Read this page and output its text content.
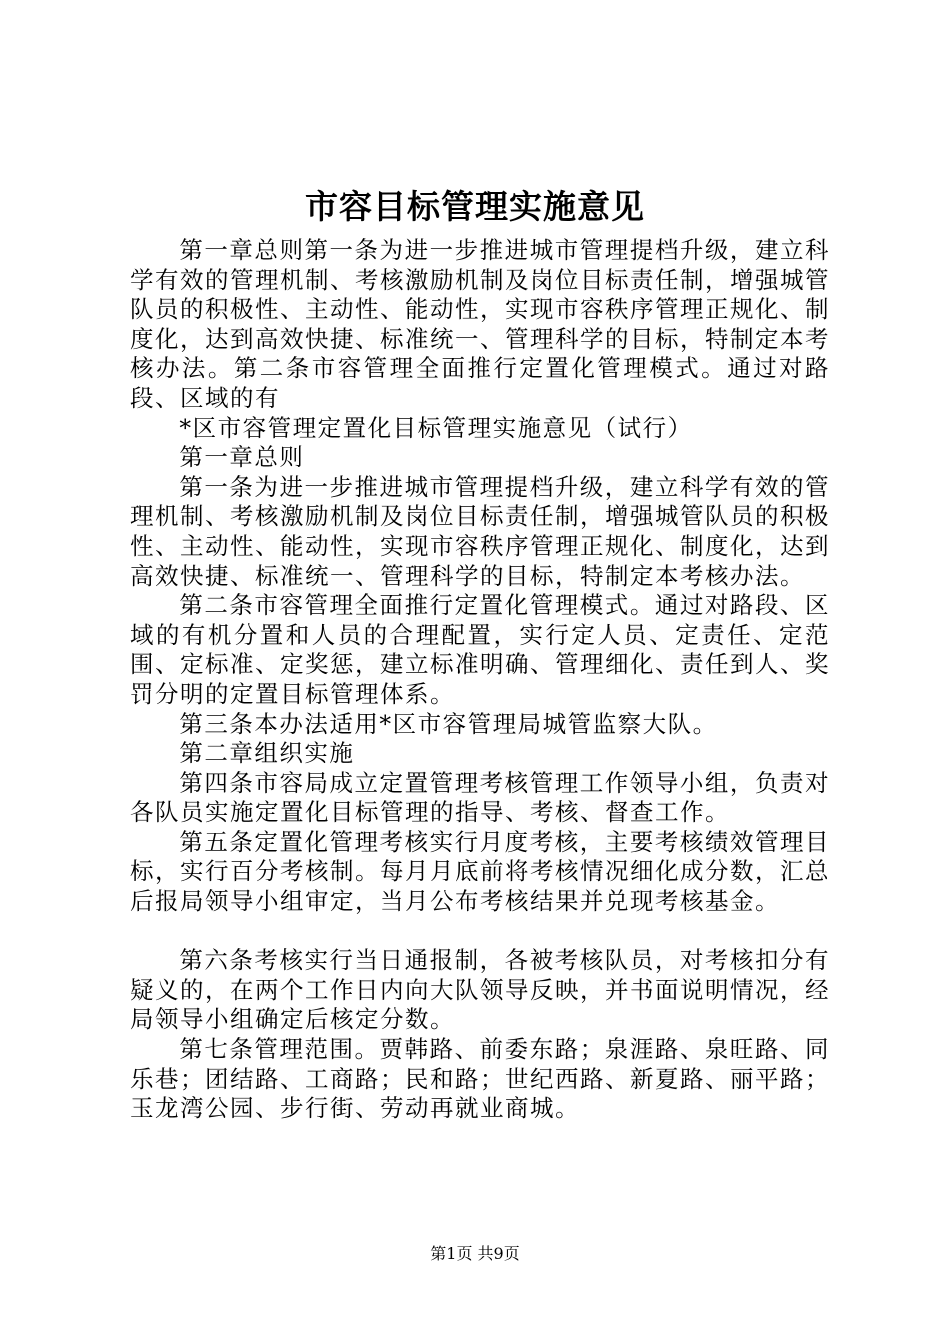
市容目标管理实施意见

第一章总则第一条为进一步推进城市管理提档升级，建立科学有效的管理机制、考核激励机制及岗位目标责任制，增强城管队员的积极性、主动性、能动性，实现市容秩序管理正规化、制度化，达到高效快捷、标准统一、管理科学的目标，特制定本考核办法。第二条市容管理全面推行定置化管理模式。通过对路段、区域的有

*区市容管理定置化目标管理实施意见（试行）

第一章总则

第一条为进一步推进城市管理提档升级，建立科学有效的管理机制、考核激励机制及岗位目标责任制，增强城管队员的积极性、主动性、能动性，实现市容秩序管理正规化、制度化，达到高效快捷、标准统一、管理科学的目标，特制定本考核办法。

第二条市容管理全面推行定置化管理模式。通过对路段、区域的有机分置和人员的合理配置，实行定人员、定责任、定范围、定标准、定奖惩，建立标准明确、管理细化、责任到人、奖罚分明的定置目标管理体系。

第三条本办法适用*区市容管理局城管监察大队。

第二章组织实施

第四条市容局成立定置管理考核管理工作领导小组，负责对各队员实施定置化目标管理的指导、考核、督查工作。

第五条定置化管理考核实行月度考核，主要考核绩效管理目标，实行百分考核制。每月月底前将考核情况细化成分数，汇总后报局领导小组审定，当月公布考核结果并兑现考核基金。

第六条考核实行当日通报制，各被考核队员，对考核扣分有疑义的，在两个工作日内向大队领导反映，并书面说明情况，经局领导小组确定后核定分数。

第七条管理范围。贾韩路、前委东路；泉涯路、泉旺路、同乐巷；团结路、工商路；民和路；世纪西路、新夏路、丽平路；玉龙湾公园、步行街、劳动再就业商城。

第1页 共9页
